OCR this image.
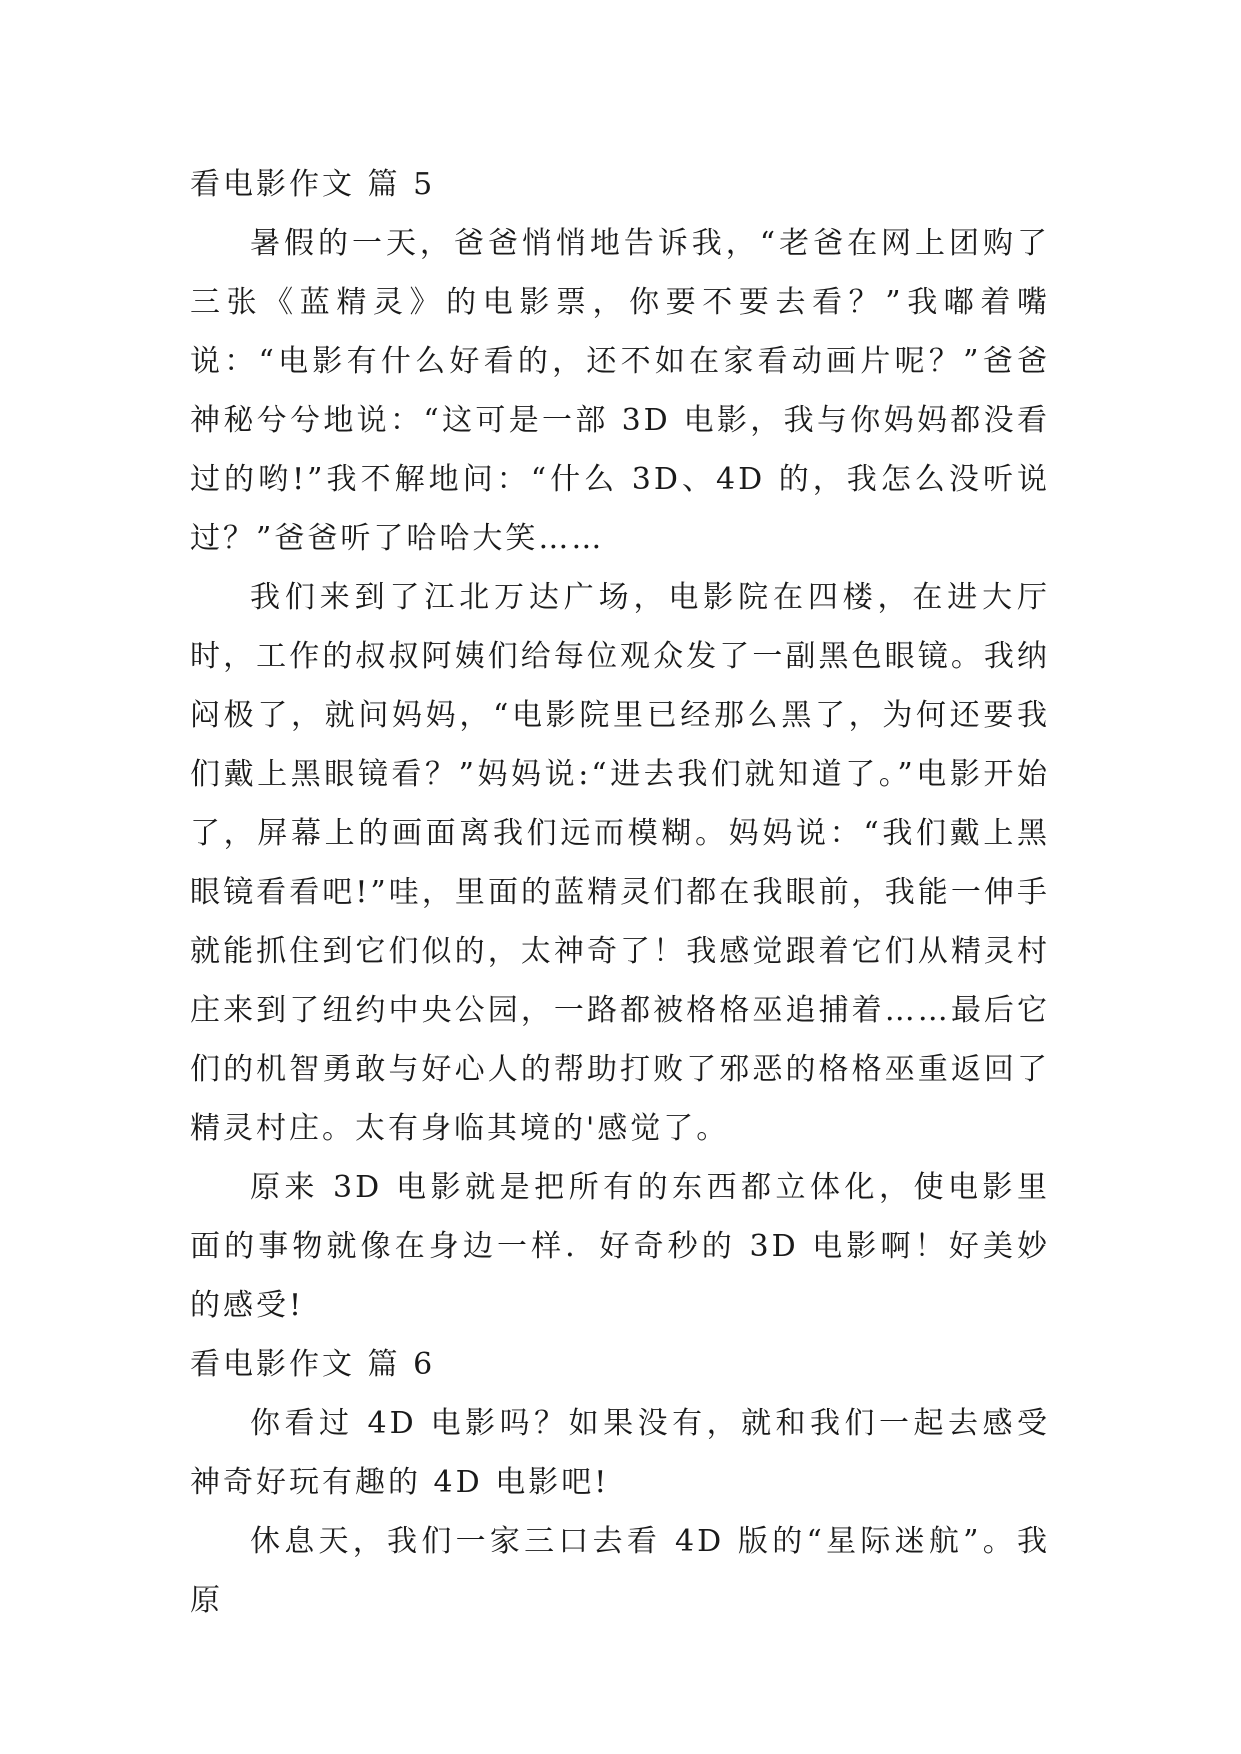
看电影作文 篇 5

暑假的一天，爸爸悄悄地告诉我，“老爸在网上团购了三张《蓝精灵》的电影票，你要不要去看？”我嘟着嘴说：“电影有什么好看的，还不如在家看动画片呢？”爸爸神秘兮兮地说：“这可是一部 3D 电影，我与你妈妈都没看过的哟!”我不解地问：“什么 3D、4D 的，我怎么没听说过？”爸爸听了哈哈大笑……

我们来到了江北万达广场，电影院在四楼，在进大厅时，工作的叔叔阿姨们给每位观众发了一副黑色眼镜。我纳闷极了，就问妈妈，“电影院里已经那么黑了，为何还要我们戴上黑眼镜看？”妈妈说:“进去我们就知道了。”电影开始了，屏幕上的画面离我们远而模糊。妈妈说：“我们戴上黑眼镜看看吧!”哇，里面的蓝精灵们都在我眼前，我能一伸手就能抓住到它们似的，太神奇了！我感觉跟着它们从精灵村庄来到了纽约中央公园，一路都被格格巫追捕着……最后它们的机智勇敢与好心人的帮助打败了邪恶的格格巫重返回了精灵村庄。太有身临其境的'感觉了。

原来 3D 电影就是把所有的东西都立体化，使电影里面的事物就像在身边一样．好奇秒的 3D 电影啊！好美妙的感受!

看电影作文 篇 6

你看过 4D 电影吗？如果没有，就和我们一起去感受神奇好玩有趣的 4D 电影吧!

休息天，我们一家三口去看 4D 版的“星际迷航”。我原
